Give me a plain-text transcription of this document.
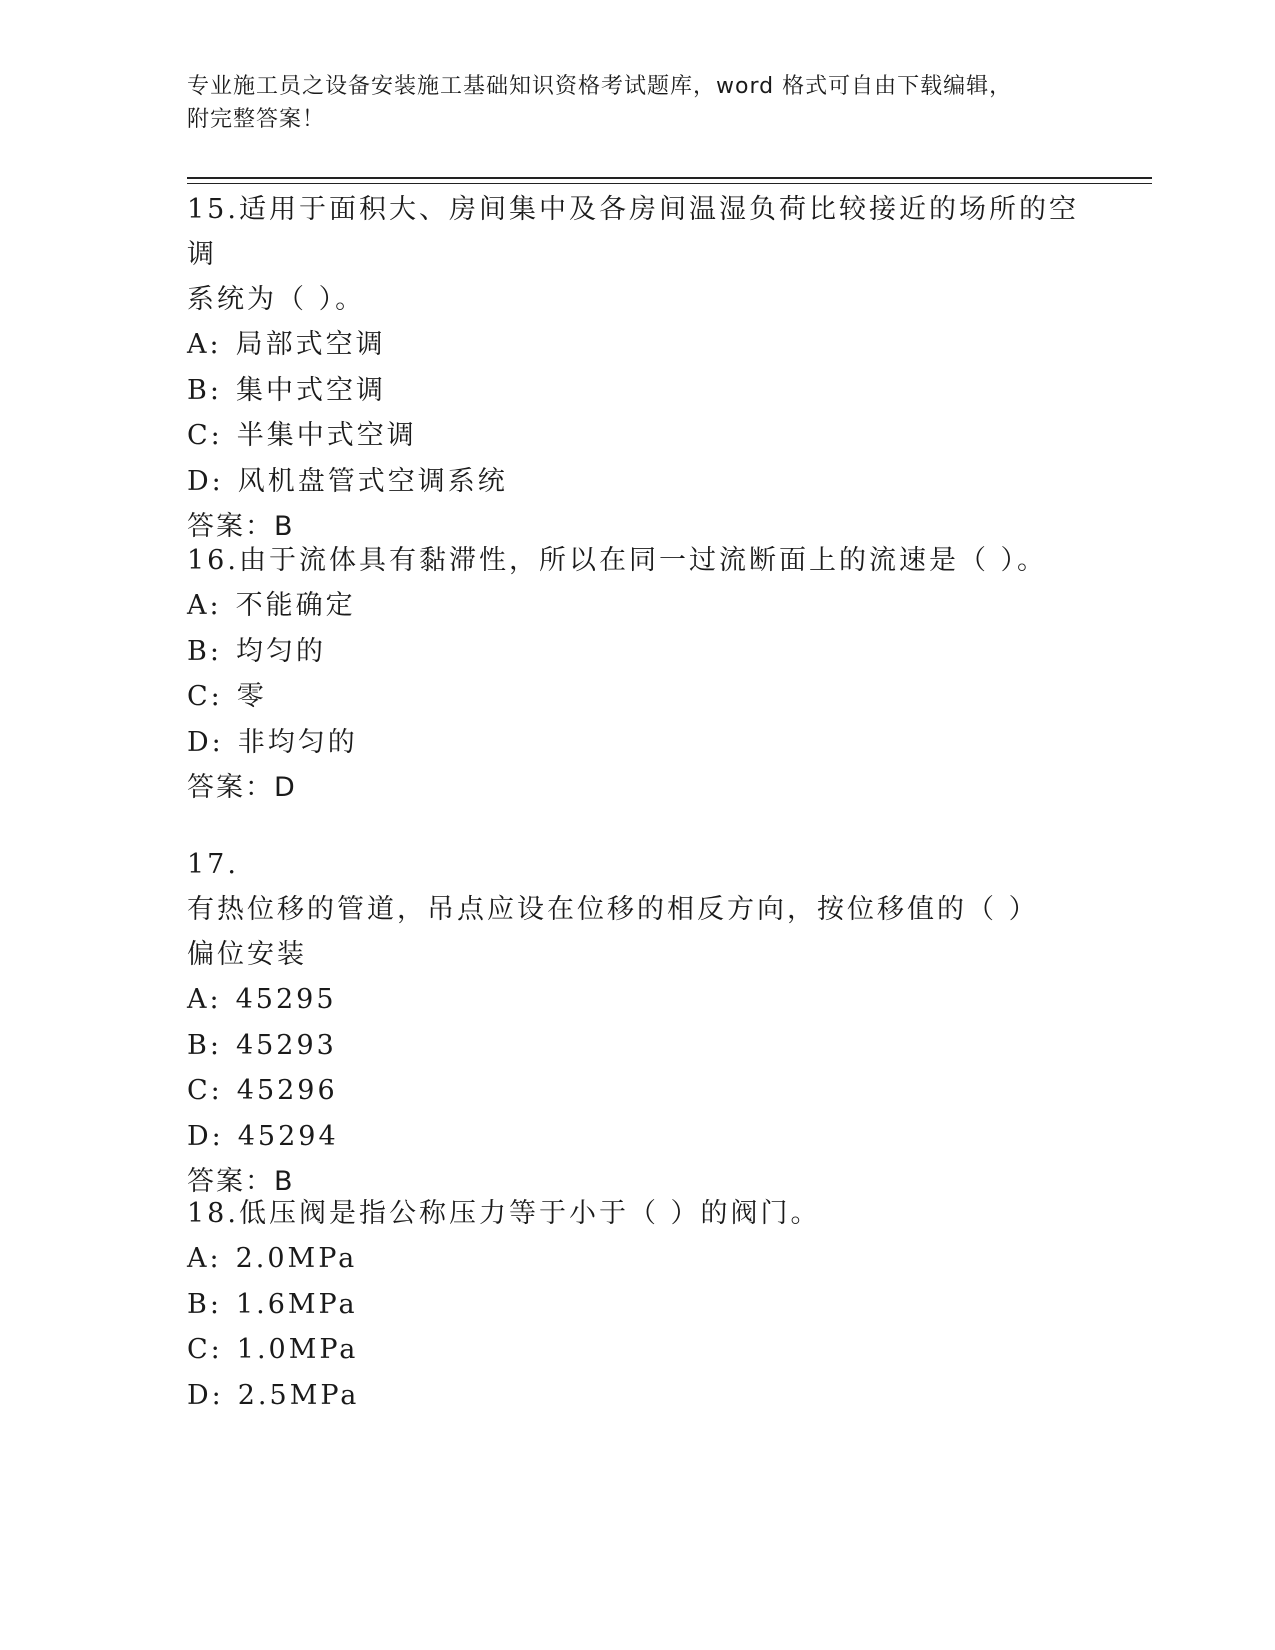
专业施工员之设备安装施工基础知识资格考试题库，word 格式可自由下载编辑，
附完整答案！
15.适用于面积大、房间集中及各房间温湿负荷比较接近的场所的空调
系统为（ ）。
A: 局部式空调
B: 集中式空调
C: 半集中式空调
D: 风机盘管式空调系统
答案：B
16.由于流体具有黏滞性，所以在同一过流断面上的流速是（ ）。
A: 不能确定
B: 均匀的
C: 零
D: 非均匀的
答案：D
17.有热位移的管道，吊点应设在位移的相反方向，按位移值的（ ）
偏位安装
A: 45295
B: 45293
C: 45296
D: 45294
答案：B
18.低压阀是指公称压力等于小于（ ）的阀门。
A: 2.0MPa
B: 1.6MPa
C: 1.0MPa
D: 2.5MPa
